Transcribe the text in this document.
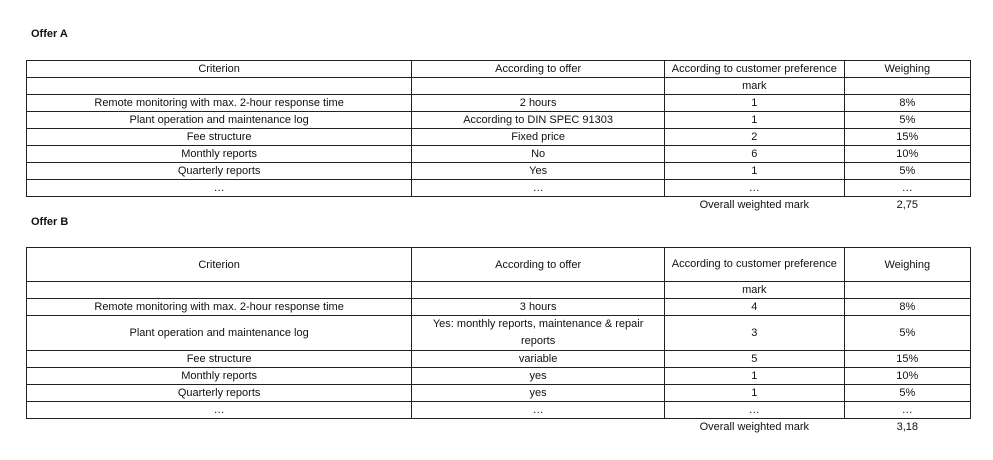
Offer A
Criterion	According to offer	According to customer preference	Weighing
		mark	
Remote monitoring with max. 2-hour response time	2 hours	1	8%
Plant operation and maintenance log	According to DIN SPEC 91303	1	5%
Fee structure	Fixed price	2	15%
Monthly reports	No	6	10%
Quarterly reports	Yes	1	5%
…	…	…	…
		Overall weighted mark	2,75
Offer B
Criterion	According to offer	According to customer preference	Weighing
		mark	
Remote monitoring with max. 2-hour response time	3 hours	4	8%
Plant operation and maintenance log	Yes: monthly reports, maintenance & repair reports	3	5%
Fee structure	variable	5	15%
Monthly reports	yes	1	10%
Quarterly reports	yes	1	5%
…	…	…	…
		Overall weighted mark	3,18
